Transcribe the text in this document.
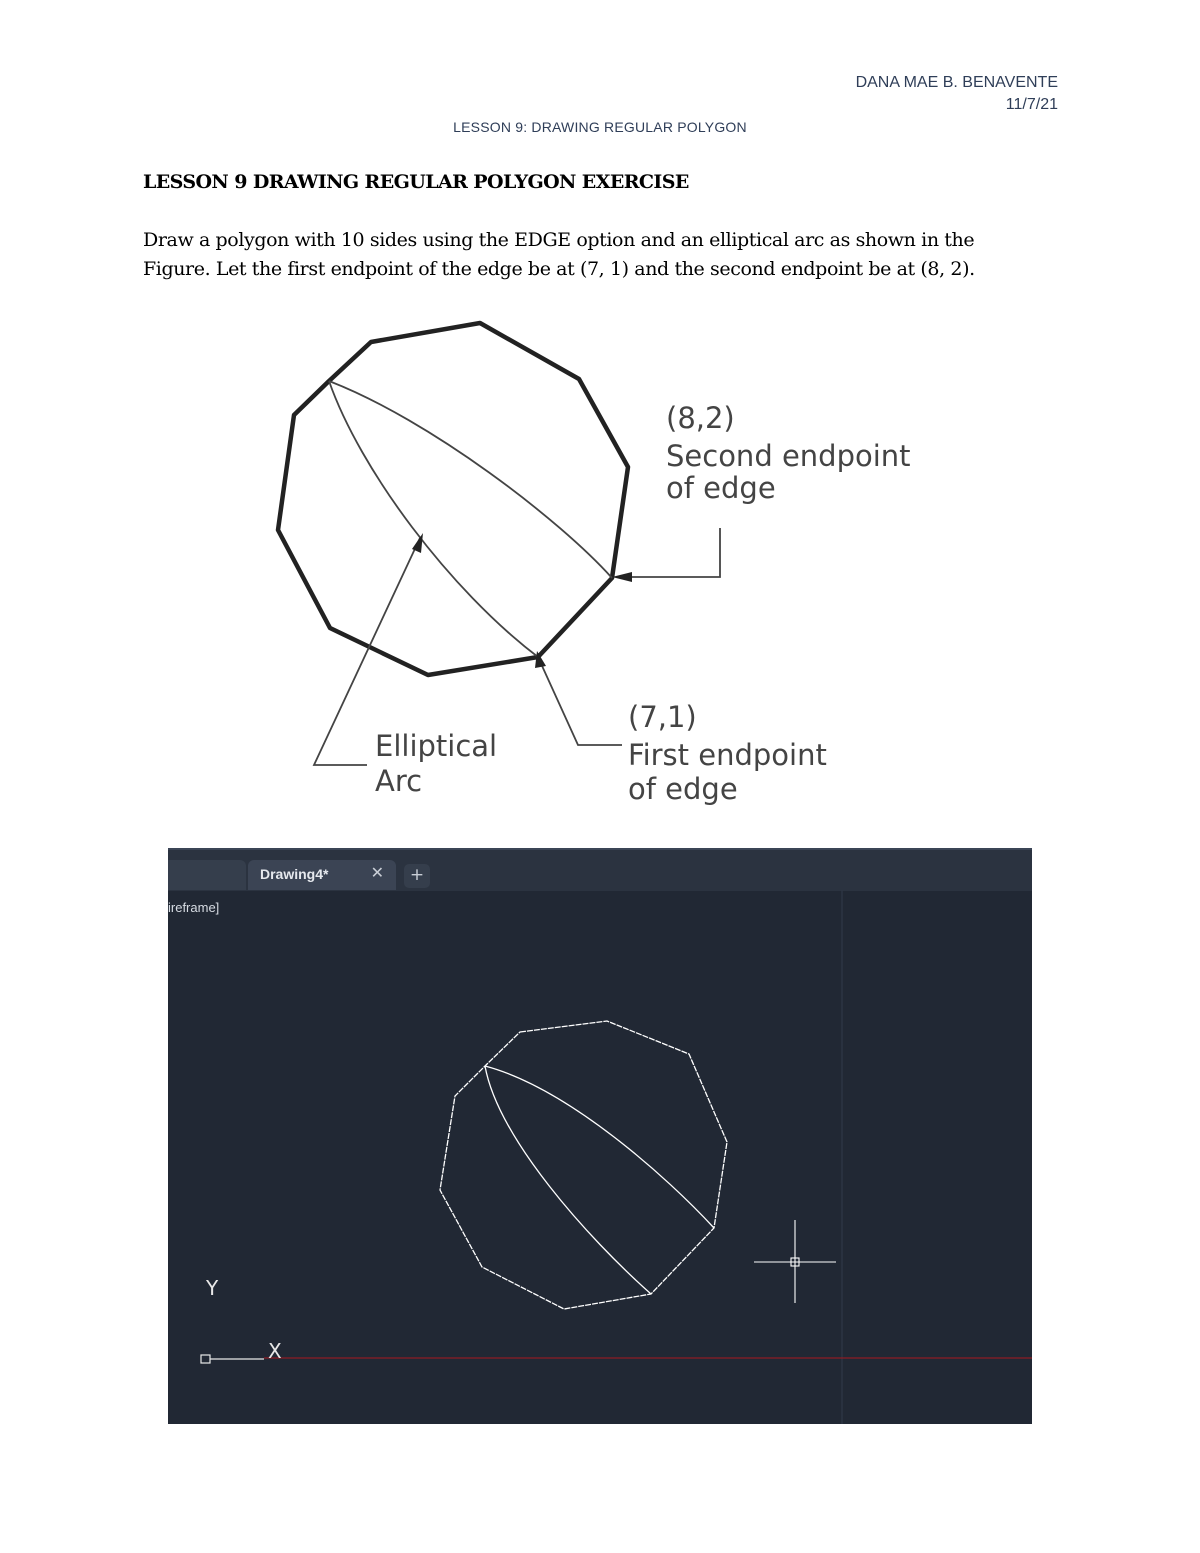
DANA MAE B. BENAVENTE
11/7/21
LESSON 9: DRAWING REGULAR POLYGON
LESSON 9 DRAWING REGULAR POLYGON EXERCISE
Draw a polygon with 10 sides using the EDGE option and an elliptical arc as shown in the Figure. Let the first endpoint of the edge be at (7, 1) and the second endpoint be at (8, 2).
(8,2)
Second endpoint
of edge
(7,1)
First endpoint
of edge
Elliptical
Arc
Drawing4*	✕	+
ireframe]
Y
X
